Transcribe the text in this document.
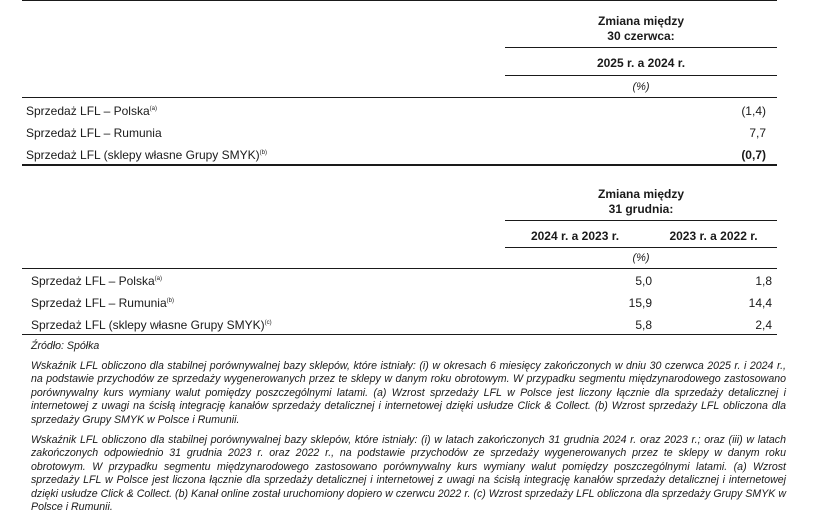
Zmiana między
30 czerwca:
2025 r. a 2024 r.
(%)
Sprzedaż LFL – Polska$^{(a)}$	(1,4)
Sprzedaż LFL – Rumunia	7,7
Sprzedaż LFL (sklepy własne Grupy SMYK)$^{(b)}$	(0,7)
Zmiana między
31 grudnia:
2024 r. a 2023 r.	2023 r. a 2022 r.
(%)
Sprzedaż LFL – Polska$^{(a)}$	5,0	1,8
Sprzedaż LFL – Rumunia$^{(b)}$	15,9	14,4
Sprzedaż LFL (sklepy własne Grupy SMYK)$^{(c)}$	5,8	2,4
Źródło: Spółka
Wskaźnik LFL obliczono dla stabilnej porównywalnej bazy sklepów, które istniały: (i) w okresach 6 miesięcy zakończonych w dniu 30 czerwca 2025 r. i 2024 r., na podstawie przychodów ze sprzedaży wygenerowanych przez te sklepy w danym roku obrotowym. W przypadku segmentu międzynarodowego zastosowano porównywalny kurs wymiany walut pomiędzy poszczególnymi latami. (a) Wzrost sprzedaży LFL w Polsce jest liczony łącznie dla sprzedaży detalicznej i internetowej z uwagi na ścisłą integrację kanałów sprzedaży detalicznej i internetowej dzięki usłudze Click & Collect. (b) Wzrost sprzedaży LFL obliczona dla sprzedaży Grupy SMYK w Polsce i Rumunii.
Wskaźnik LFL obliczono dla stabilnej porównywalnej bazy sklepów, które istniały: (i) w latach zakończonych 31 grudnia 2024 r. oraz 2023 r.; oraz (iii) w latach zakończonych odpowiednio 31 grudnia 2023 r. oraz 2022 r., na podstawie przychodów ze sprzedaży wygenerowanych przez te sklepy w danym roku obrotowym. W przypadku segmentu międzynarodowego zastosowano porównywalny kurs wymiany walut pomiędzy poszczególnymi latami. (a) Wzrost sprzedaży LFL w Polsce jest liczona łącznie dla sprzedaży detalicznej i internetowej z uwagi na ścisłą integrację kanałów sprzedaży detalicznej i internetowej dzięki usłudze Click & Collect. (b) Kanał online został uruchomiony dopiero w czerwcu 2022 r. (c) Wzrost sprzedaży LFL obliczona dla sprzedaży Grupy SMYK w Polsce i Rumunii.
